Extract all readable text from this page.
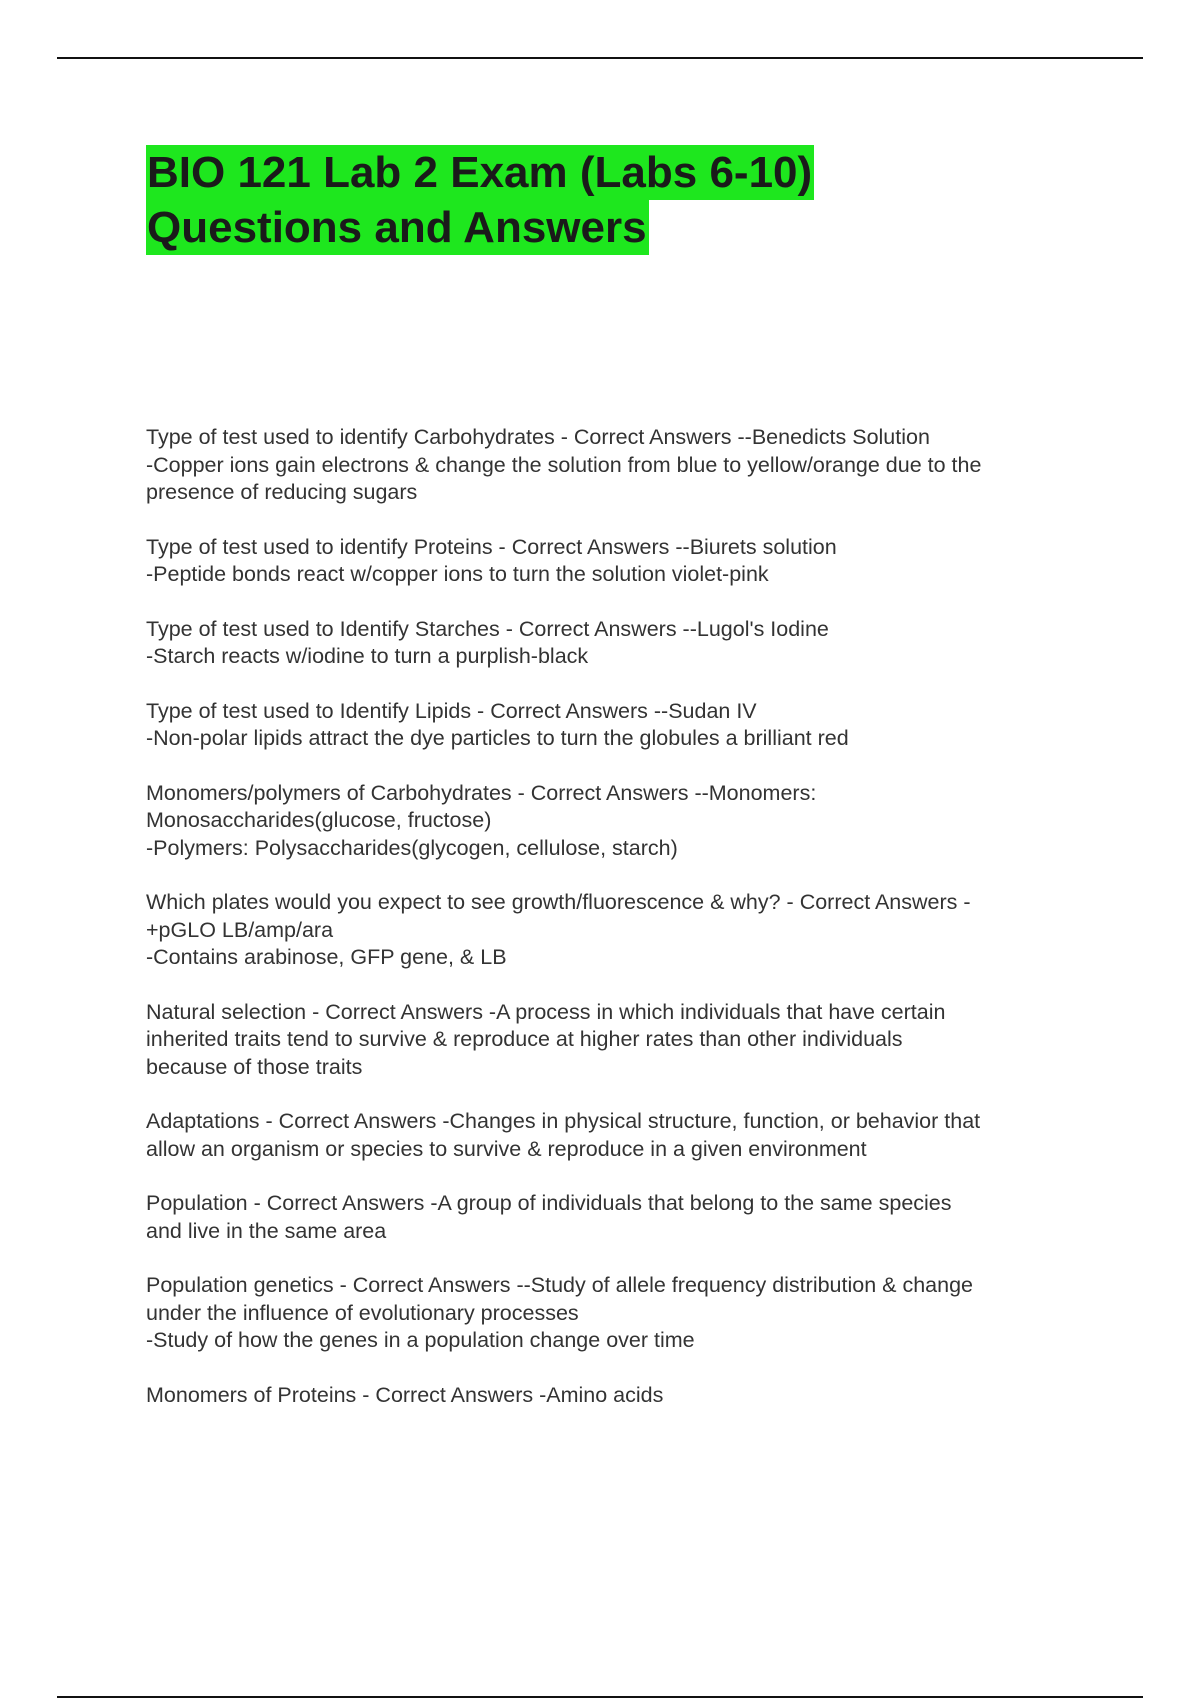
BIO 121 Lab 2 Exam (Labs 6-10)
Questions and Answers
Type of test used to identify Carbohydrates - Correct Answers --Benedicts Solution
-Copper ions gain electrons & change the solution from blue to yellow/orange due to the
presence of reducing sugars
Type of test used to identify Proteins - Correct Answers --Biurets solution
-Peptide bonds react w/copper ions to turn the solution violet-pink
Type of test used to Identify Starches - Correct Answers --Lugol's Iodine
-Starch reacts w/iodine to turn a purplish-black
Type of test used to Identify Lipids - Correct Answers --Sudan IV
-Non-polar lipids attract the dye particles to turn the globules a brilliant red
Monomers/polymers of Carbohydrates - Correct Answers --Monomers:
Monosaccharides(glucose, fructose)
-Polymers: Polysaccharides(glycogen, cellulose, starch)
Which plates would you expect to see growth/fluorescence & why? - Correct Answers -
+pGLO LB/amp/ara
-Contains arabinose, GFP gene, & LB
Natural selection - Correct Answers -A process in which individuals that have certain
inherited traits tend to survive & reproduce at higher rates than other individuals
because of those traits
Adaptations - Correct Answers -Changes in physical structure, function, or behavior that
allow an organism or species to survive & reproduce in a given environment
Population - Correct Answers -A group of individuals that belong to the same species
and live in the same area
Population genetics - Correct Answers --Study of allele frequency distribution & change
under the influence of evolutionary processes
-Study of how the genes in a population change over time
Monomers of Proteins - Correct Answers -Amino acids
